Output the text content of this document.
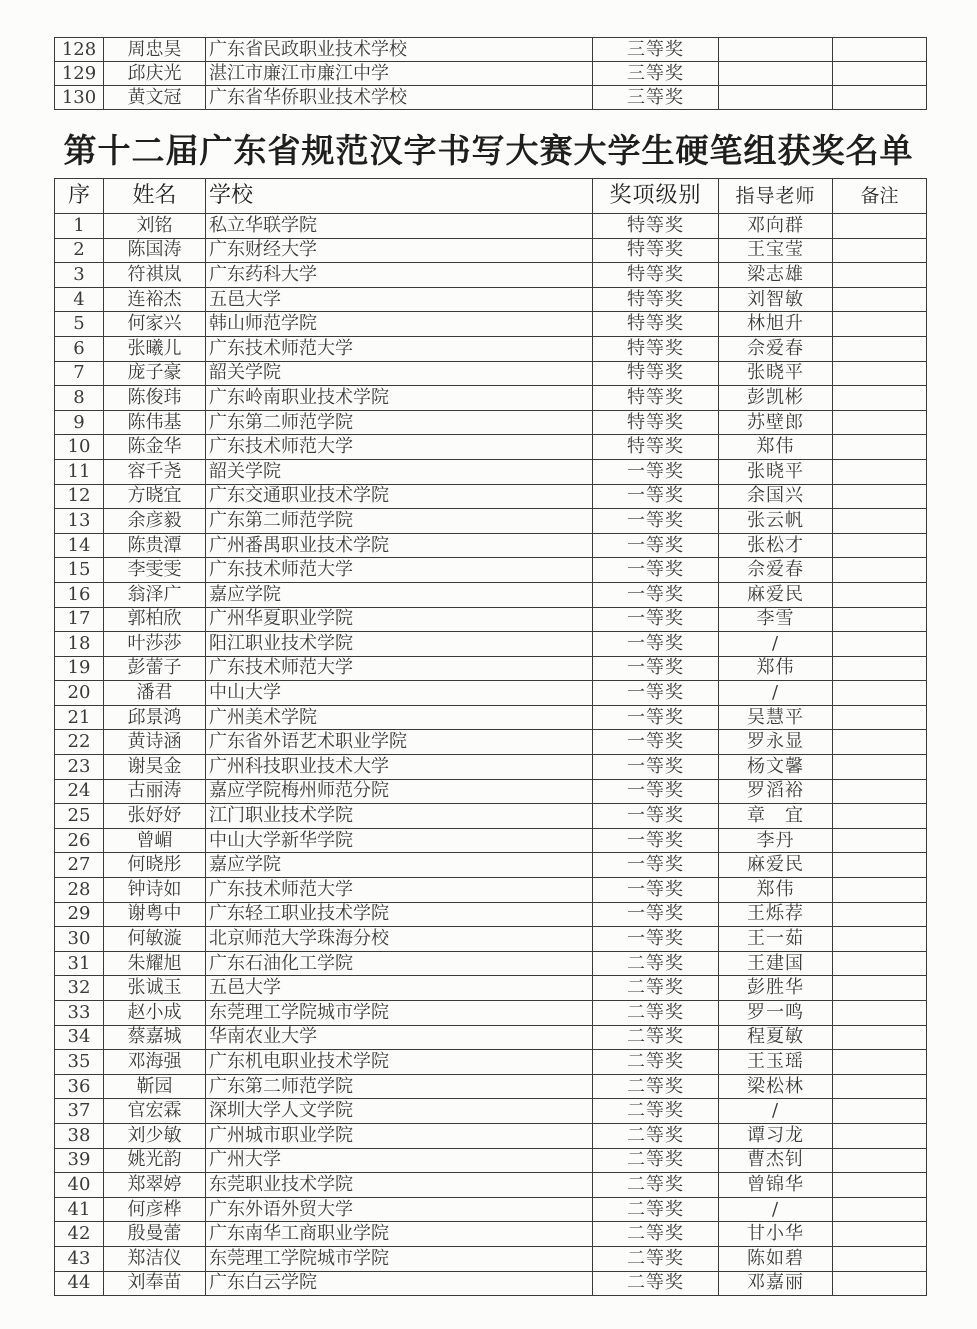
128	周忠昊	广东省民政职业技术学校	三等奖		
129	邱庆光	湛江市廉江市廉江中学	三等奖		
130	黄文冠	广东省华侨职业技术学校	三等奖		
第十二届广东省规范汉字书写大赛大学生硬笔组获奖名单
序	姓名	学校	奖项级别	指导老师	备注
1	刘铭	私立华联学院	特等奖	邓向群	
2	陈国涛	广东财经大学	特等奖	王宝莹	
3	符祺岚	广东药科大学	特等奖	梁志雄	
4	连裕杰	五邑大学	特等奖	刘智敏	
5	何家兴	韩山师范学院	特等奖	林旭升	
6	张曦儿	广东技术师范大学	特等奖	佘爱春	
7	庞子豪	韶关学院	特等奖	张晓平	
8	陈俊玮	广东岭南职业技术学院	特等奖	彭凯彬	
9	陈伟基	广东第二师范学院	特等奖	苏壁郎	
10	陈金华	广东技术师范大学	特等奖	郑伟	
11	容千尧	韶关学院	一等奖	张晓平	
12	方晓宜	广东交通职业技术学院	一等奖	余国兴	
13	余彦毅	广东第二师范学院	一等奖	张云帆	
14	陈贵潭	广州番禺职业技术学院	一等奖	张松才	
15	李雯雯	广东技术师范大学	一等奖	佘爱春	
16	翁泽广	嘉应学院	一等奖	麻爱民	
17	郭柏欣	广州华夏职业学院	一等奖	李雪	
18	叶莎莎	阳江职业技术学院	一等奖	/	
19	彭蕾子	广东技术师范大学	一等奖	郑伟	
20	潘君	中山大学	一等奖	/	
21	邱景鸿	广州美术学院	一等奖	吴慧平	
22	黄诗涵	广东省外语艺术职业学院	一等奖	罗永显	
23	谢昊金	广州科技职业技术大学	一等奖	杨文馨	
24	古丽涛	嘉应学院梅州师范分院	一等奖	罗滔裕	
25	张妤妤	江门职业技术学院	一等奖	章　宜	
26	曾嵋	中山大学新华学院	一等奖	李丹	
27	何晓彤	嘉应学院	一等奖	麻爱民	
28	钟诗如	广东技术师范大学	一等奖	郑伟	
29	谢粤中	广东轻工职业技术学院	一等奖	王烁荐	
30	何敏漩	北京师范大学珠海分校	一等奖	王一茹	
31	朱耀旭	广东石油化工学院	二等奖	王建国	
32	张诚玉	五邑大学	二等奖	彭胜华	
33	赵小成	东莞理工学院城市学院	二等奖	罗一鸣	
34	蔡嘉城	华南农业大学	二等奖	程夏敏	
35	邓海强	广东机电职业技术学院	二等奖	王玉瑶	
36	靳园	广东第二师范学院	二等奖	梁松林	
37	官宏霖	深圳大学人文学院	二等奖	/	
38	刘少敏	广州城市职业学院	二等奖	谭习龙	
39	姚光韵	广州大学	二等奖	曹杰钊	
40	郑翠婷	东莞职业技术学院	二等奖	曾锦华	
41	何彦桦	广东外语外贸大学	二等奖	/	
42	殷曼蕾	广东南华工商职业学院	二等奖	甘小华	
43	郑洁仪	东莞理工学院城市学院	二等奖	陈如碧	
44	刘奉苗	广东白云学院	二等奖	邓嘉丽	
